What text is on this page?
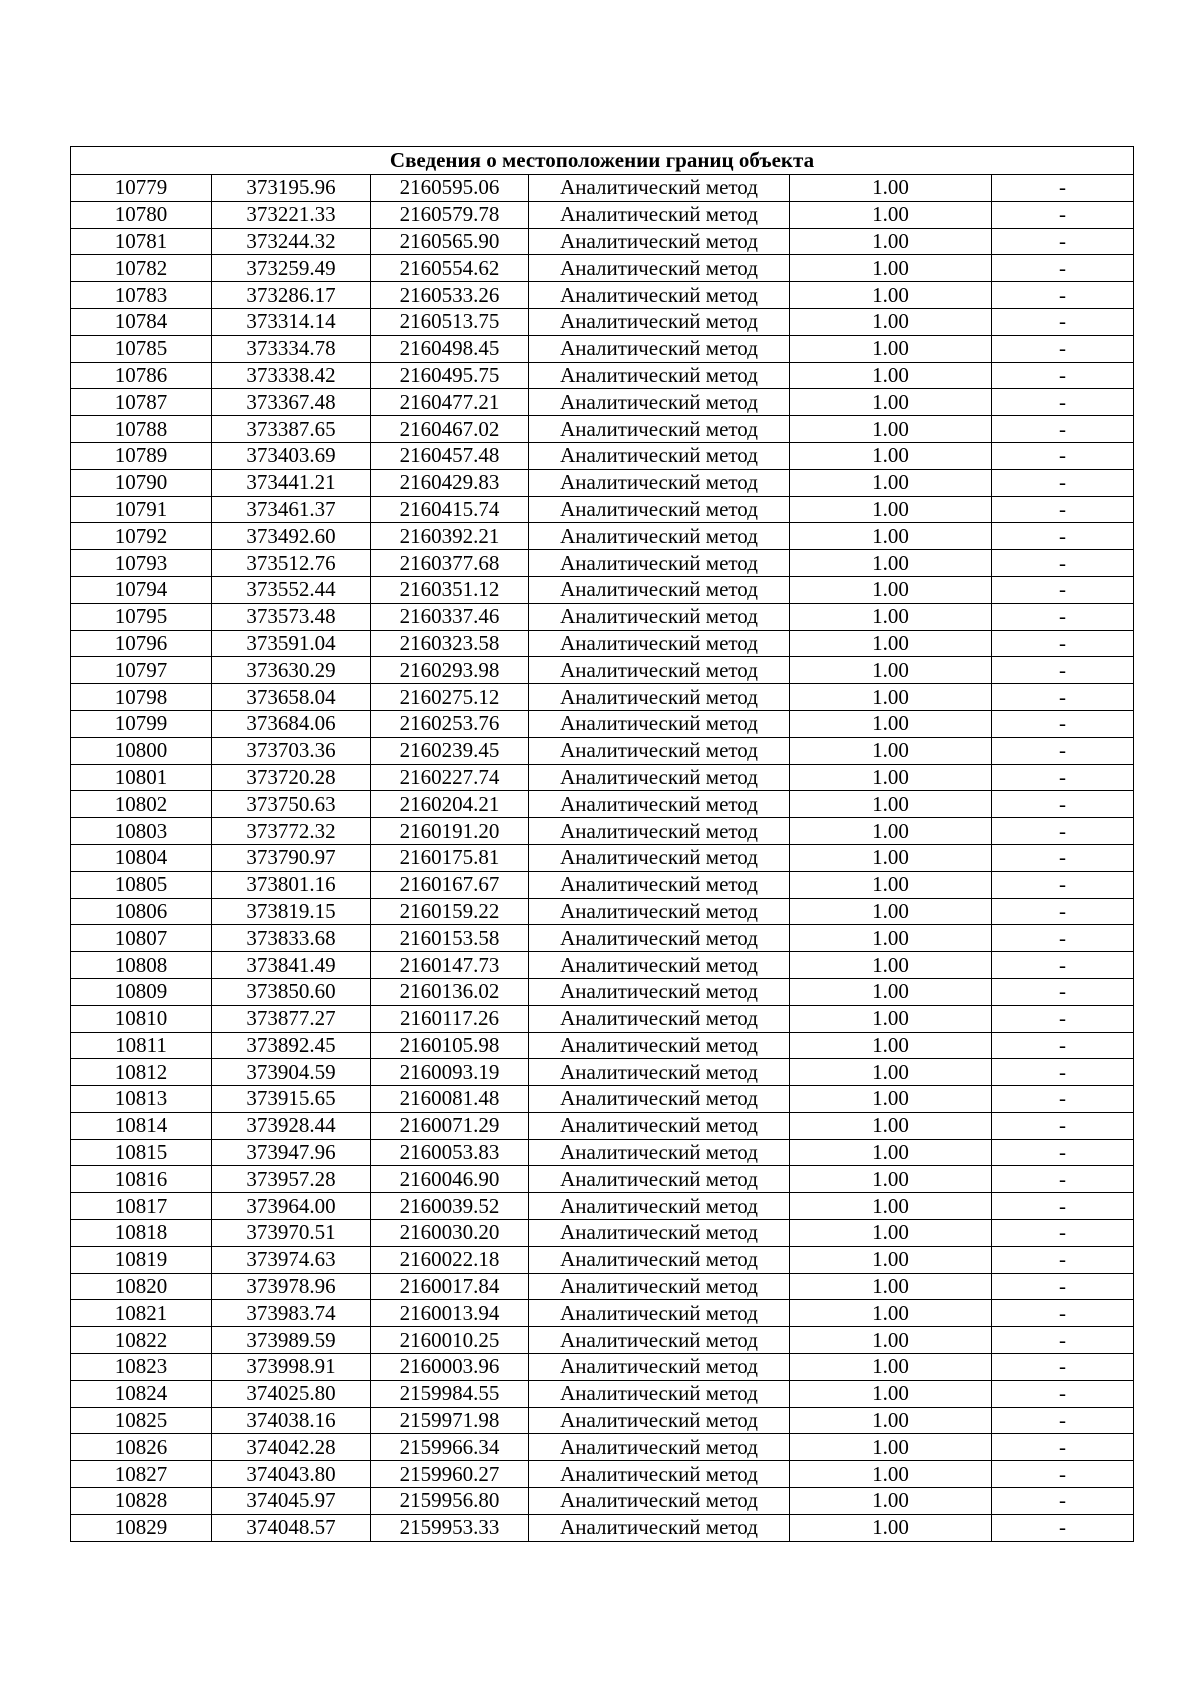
Сведения о местоположении границ объекта					
10779	373195.96	2160595.06	Аналитический метод	1.00	-
10780	373221.33	2160579.78	Аналитический метод	1.00	-
10781	373244.32	2160565.90	Аналитический метод	1.00	-
10782	373259.49	2160554.62	Аналитический метод	1.00	-
10783	373286.17	2160533.26	Аналитический метод	1.00	-
10784	373314.14	2160513.75	Аналитический метод	1.00	-
10785	373334.78	2160498.45	Аналитический метод	1.00	-
10786	373338.42	2160495.75	Аналитический метод	1.00	-
10787	373367.48	2160477.21	Аналитический метод	1.00	-
10788	373387.65	2160467.02	Аналитический метод	1.00	-
10789	373403.69	2160457.48	Аналитический метод	1.00	-
10790	373441.21	2160429.83	Аналитический метод	1.00	-
10791	373461.37	2160415.74	Аналитический метод	1.00	-
10792	373492.60	2160392.21	Аналитический метод	1.00	-
10793	373512.76	2160377.68	Аналитический метод	1.00	-
10794	373552.44	2160351.12	Аналитический метод	1.00	-
10795	373573.48	2160337.46	Аналитический метод	1.00	-
10796	373591.04	2160323.58	Аналитический метод	1.00	-
10797	373630.29	2160293.98	Аналитический метод	1.00	-
10798	373658.04	2160275.12	Аналитический метод	1.00	-
10799	373684.06	2160253.76	Аналитический метод	1.00	-
10800	373703.36	2160239.45	Аналитический метод	1.00	-
10801	373720.28	2160227.74	Аналитический метод	1.00	-
10802	373750.63	2160204.21	Аналитический метод	1.00	-
10803	373772.32	2160191.20	Аналитический метод	1.00	-
10804	373790.97	2160175.81	Аналитический метод	1.00	-
10805	373801.16	2160167.67	Аналитический метод	1.00	-
10806	373819.15	2160159.22	Аналитический метод	1.00	-
10807	373833.68	2160153.58	Аналитический метод	1.00	-
10808	373841.49	2160147.73	Аналитический метод	1.00	-
10809	373850.60	2160136.02	Аналитический метод	1.00	-
10810	373877.27	2160117.26	Аналитический метод	1.00	-
10811	373892.45	2160105.98	Аналитический метод	1.00	-
10812	373904.59	2160093.19	Аналитический метод	1.00	-
10813	373915.65	2160081.48	Аналитический метод	1.00	-
10814	373928.44	2160071.29	Аналитический метод	1.00	-
10815	373947.96	2160053.83	Аналитический метод	1.00	-
10816	373957.28	2160046.90	Аналитический метод	1.00	-
10817	373964.00	2160039.52	Аналитический метод	1.00	-
10818	373970.51	2160030.20	Аналитический метод	1.00	-
10819	373974.63	2160022.18	Аналитический метод	1.00	-
10820	373978.96	2160017.84	Аналитический метод	1.00	-
10821	373983.74	2160013.94	Аналитический метод	1.00	-
10822	373989.59	2160010.25	Аналитический метод	1.00	-
10823	373998.91	2160003.96	Аналитический метод	1.00	-
10824	374025.80	2159984.55	Аналитический метод	1.00	-
10825	374038.16	2159971.98	Аналитический метод	1.00	-
10826	374042.28	2159966.34	Аналитический метод	1.00	-
10827	374043.80	2159960.27	Аналитический метод	1.00	-
10828	374045.97	2159956.80	Аналитический метод	1.00	-
10829	374048.57	2159953.33	Аналитический метод	1.00	-
